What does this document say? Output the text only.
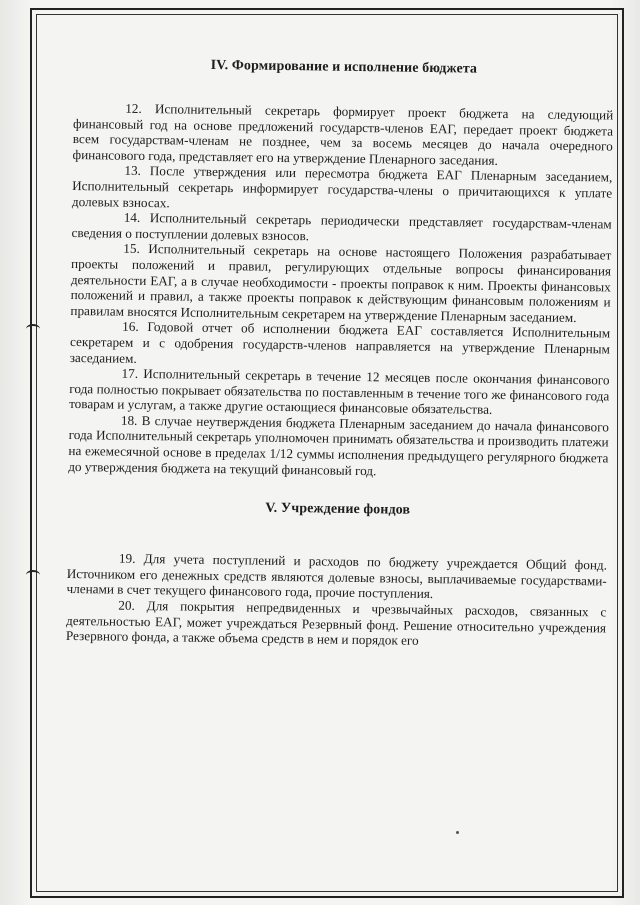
IV. Формирование и исполнение бюджета

12. Исполнительный секретарь формирует проект бюджета на следующий финансовый год на основе предложений государств-членов ЕАГ, передает проект бюджета всем государствам-членам не позднее, чем за восемь месяцев до начала очередного финансового года, представляет его на утверждение Пленарного заседания.

13. После утверждения или пересмотра бюджета ЕАГ Пленарным заседанием, Исполнительный секретарь информирует государства-члены о причитающихся к уплате долевых взносах.

14. Исполнительный секретарь периодически представляет государствам-членам сведения о поступлении долевых взносов.

15. Исполнительный секретарь на основе настоящего Положения разрабатывает проекты положений и правил, регулирующих отдельные вопросы финансирования деятельности ЕАГ, а в случае необходимости - проекты поправок к ним. Проекты финансовых положений и правил, а также проекты поправок к действующим финансовым положениям и правилам вносятся Исполнительным секретарем на утверждение Пленарным заседанием.

16. Годовой отчет об исполнении бюджета ЕАГ составляется Исполнительным секретарем и с одобрения государств-членов направляется на утверждение Пленарным заседанием.

17. Исполнительный секретарь в течение 12 месяцев после окончания финансового года полностью покрывает обязательства по поставленным в течение того же финансового года товарам и услугам, а также другие остающиеся финансовые обязательства.

18. В случае неутверждения бюджета Пленарным заседанием до начала финансового года Исполнительный секретарь уполномочен принимать обязательства и производить платежи на ежемесячной основе в пределах 1/12 суммы исполнения предыдущего регулярного бюджета до утверждения бюджета на текущий финансовый год.

V. Учреждение фондов

19. Для учета поступлений и расходов по бюджету учреждается Общий фонд. Источником его денежных средств являются долевые взносы, выплачиваемые государствами-членами в счет текущего финансового года, прочие поступления.

20. Для покрытия непредвиденных и чрезвычайных расходов, связанных с деятельностью ЕАГ, может учреждаться Резервный фонд. Решение относительно учреждения Резервного фонда, а также объема средств в нем и порядок его
